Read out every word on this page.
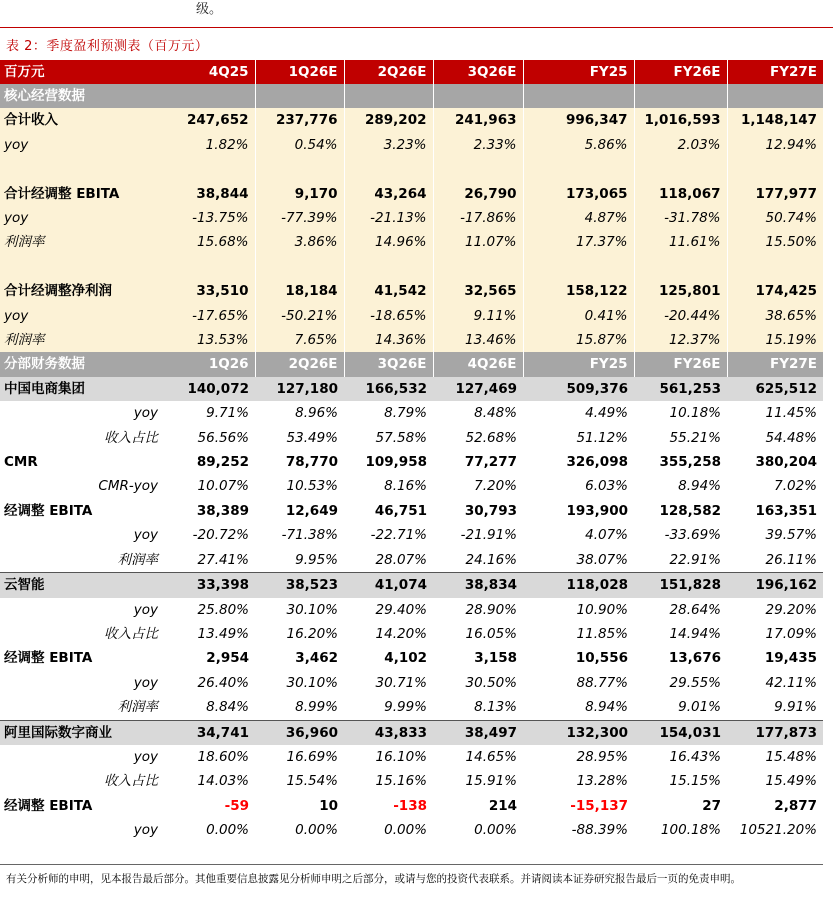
级。
表 2：季度盈利预测表（百万元）
百万元	4Q25	1Q26E	2Q26E	3Q26E	FY25	FY26E	FY27E
核心经营数据							
合计收入	247,652	237,776	289,202	241,963	996,347	1,016,593	1,148,147
yoy	1.82%	0.54%	3.23%	2.33%	5.86%	2.03%	12.94%

合计经调整 EBITA	38,844	9,170	43,264	26,790	173,065	118,067	177,977
yoy	-13.75%	-77.39%	-21.13%	-17.86%	4.87%	-31.78%	50.74%
利润率	15.68%	3.86%	14.96%	11.07%	17.37%	11.61%	15.50%

合计经调整净利润	33,510	18,184	41,542	32,565	158,122	125,801	174,425
yoy	-17.65%	-50.21%	-18.65%	9.11%	0.41%	-20.44%	38.65%
利润率	13.53%	7.65%	14.36%	13.46%	15.87%	12.37%	15.19%
分部财务数据	1Q26	2Q26E	3Q26E	4Q26E	FY25	FY26E	FY27E
中国电商集团	140,072	127,180	166,532	127,469	509,376	561,253	625,512
yoy	9.71%	8.96%	8.79%	8.48%	4.49%	10.18%	11.45%
收入占比	56.56%	53.49%	57.58%	52.68%	51.12%	55.21%	54.48%
CMR	89,252	78,770	109,958	77,277	326,098	355,258	380,204
CMR-yoy	10.07%	10.53%	8.16%	7.20%	6.03%	8.94%	7.02%
经调整 EBITA	38,389	12,649	46,751	30,793	193,900	128,582	163,351
yoy	-20.72%	-71.38%	-22.71%	-21.91%	4.07%	-33.69%	39.57%
利润率	27.41%	9.95%	28.07%	24.16%	38.07%	22.91%	26.11%
云智能	33,398	38,523	41,074	38,834	118,028	151,828	196,162
yoy	25.80%	30.10%	29.40%	28.90%	10.90%	28.64%	29.20%
收入占比	13.49%	16.20%	14.20%	16.05%	11.85%	14.94%	17.09%
经调整 EBITA	2,954	3,462	4,102	3,158	10,556	13,676	19,435
yoy	26.40%	30.10%	30.71%	30.50%	88.77%	29.55%	42.11%
利润率	8.84%	8.99%	9.99%	8.13%	8.94%	9.01%	9.91%
阿里国际数字商业	34,741	36,960	43,833	38,497	132,300	154,031	177,873
yoy	18.60%	16.69%	16.10%	14.65%	28.95%	16.43%	15.48%
收入占比	14.03%	15.54%	15.16%	15.91%	13.28%	15.15%	15.49%
经调整 EBITA	-59	10	-138	214	-15,137	27	2,877
yoy	0.00%	0.00%	0.00%	0.00%	-88.39%	100.18%	10521.20%
有关分析师的申明，见本报告最后部分。其他重要信息披露见分析师申明之后部分，或请与您的投资代表联系。并请阅读本证券研究报告最后一页的免责申明。
